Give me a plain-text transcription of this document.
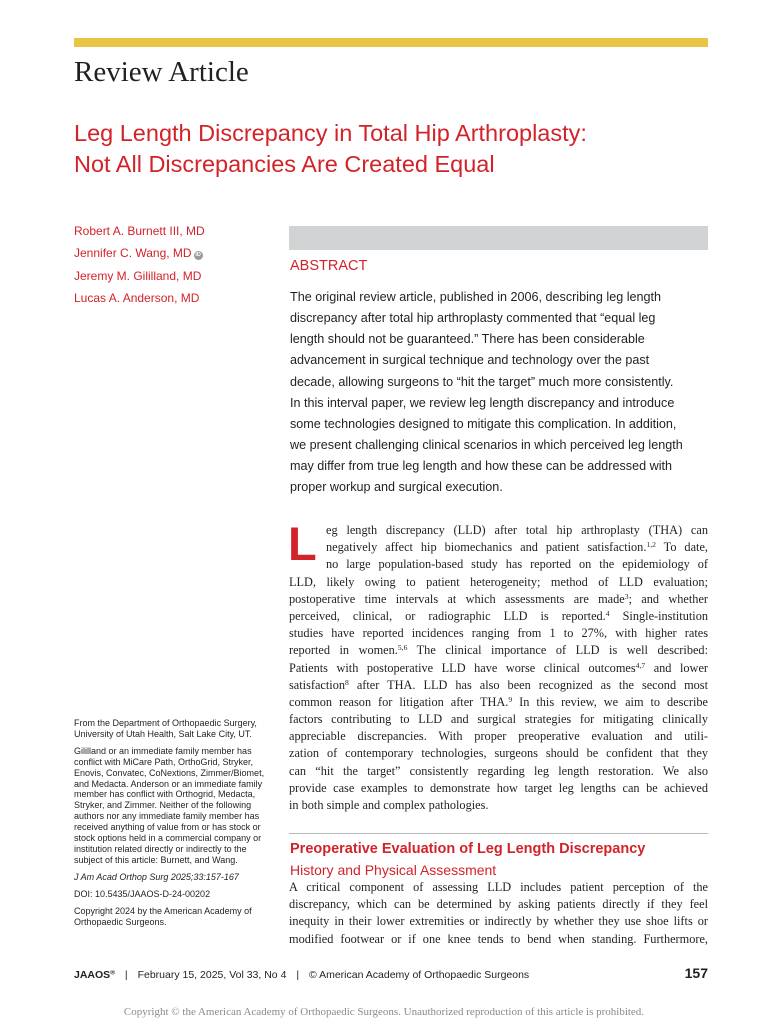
Review Article
Leg Length Discrepancy in Total Hip Arthroplasty:
Not All Discrepancies Are Created Equal
Robert A. Burnett III, MD
Jennifer C. Wang, MD iD
Jeremy M. Gililland, MD
Lucas A. Anderson, MD
ABSTRACT

The original review article, published in 2006, describing leg length
discrepancy after total hip arthroplasty commented that “equal leg
length should not be guaranteed.” There has been considerable
advancement in surgical technique and technology over the past
decade, allowing surgeons to “hit the target” much more consistently.
In this interval paper, we review leg length discrepancy and introduce
some technologies designed to mitigate this complication. In addition,
we present challenging clinical scenarios in which perceived leg length
may differ from true leg length and how these can be addressed with
proper workup and surgical execution.

L eg length discrepancy (LLD) after total hip arthroplasty (THA) can
negatively affect hip biomechanics and patient satisfaction.$^{1,2}$ To date,
no large population-based study has reported on the epidemiology of
LLD, likely owing to patient heterogeneity; method of LLD evaluation;
postoperative time intervals at which assessments are made$^3$; and whether
perceived, clinical, or radiographic LLD is reported.$^4$ Single-institution
studies have reported incidences ranging from 1 to 27%, with higher rates
reported in women.$^{5,6}$ The clinical importance of LLD is well described:
Patients with postoperative LLD have worse clinical outcomes$^{4,7}$ and lower
satisfaction$^8$ after THA. LLD has also been recognized as the second most
common reason for litigation after THA.$^9$ In this review, we aim to describe
factors contributing to LLD and surgical strategies for mitigating clinically
appreciable discrepancies. With proper preoperative evaluation and utili-
zation of contemporary technologies, surgeons should be confident that they
can “hit the target” consistently regarding leg length restoration. We also
provide case examples to demonstrate how target leg lengths can be achieved
in both simple and complex pathologies.
Preoperative Evaluation of Leg Length Discrepancy
History and Physical Assessment
A critical component of assessing LLD includes patient perception of the
discrepancy, which can be determined by asking patients directly if they feel
inequity in their lower extremities or indirectly by whether they use shoe lifts or
modified footwear or if one knee tends to bend when standing. Furthermore,

From the Department of Orthopaedic Surgery, University of Utah Health, Salt Lake City, UT.

Gililland or an immediate family member has conflict with MiCare Path, OrthoGrid, Stryker, Enovis, Convatec, CoNextions, Zimmer/Biomet, and Medacta. Anderson or an immediate family member has conflict with Orthogrid, Medacta, Stryker, and Zimmer. Neither of the following authors nor any immediate family member has received anything of value from or has stock or stock options held in a commercial company or institution related directly or indirectly to the subject of this article: Burnett, and Wang.

J Am Acad Orthop Surg 2025;33:157-167

DOI: 10.5435/JAAOS-D-24-00202

Copyright 2024 by the American Academy of Orthopaedic Surgeons.

JAAOS® | February 15, 2025, Vol 33, No 4 | © American Academy of Orthopaedic Surgeons	157
Copyright © the American Academy of Orthopaedic Surgeons. Unauthorized reproduction of this article is prohibited.
